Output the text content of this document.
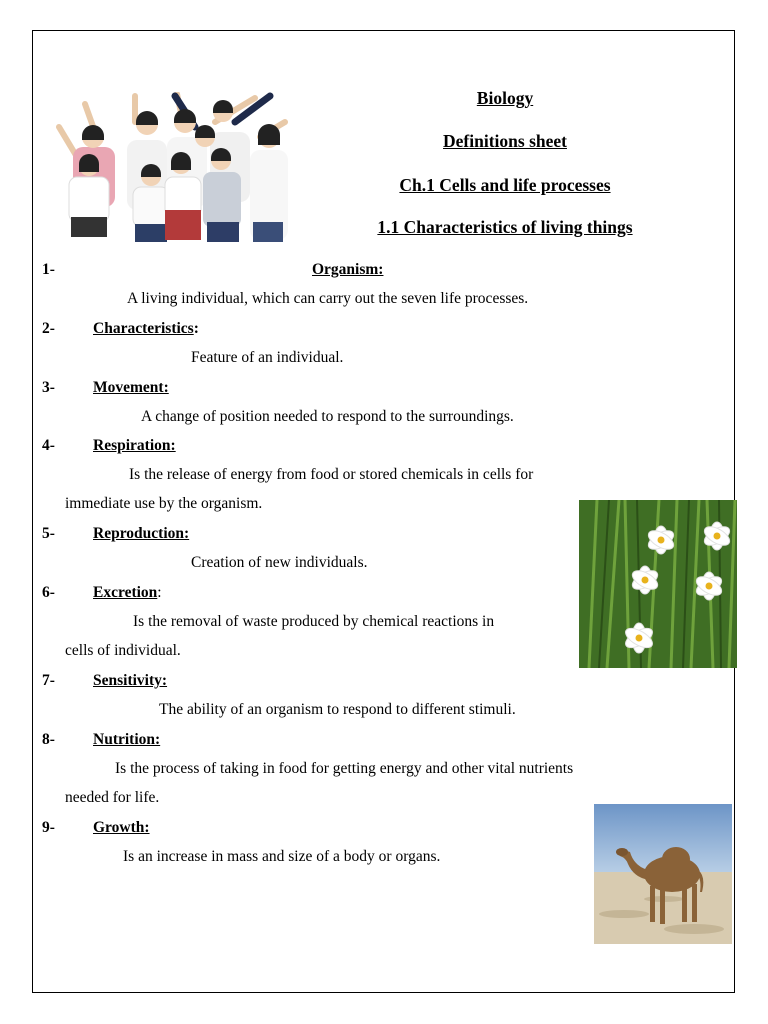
Biology
Definitions sheet
Ch.1 Cells and life processes
1.1 Characteristics of living things
1-	Organism:
A living individual, which can carry out the seven life processes.
2- Characteristics:
Feature of an individual.
3- Movement:
A change of position needed to respond to the surroundings.
4- Respiration:
Is the release of energy from food or stored chemicals in cells for
immediate use by the organism.
5- Reproduction:
Creation of new individuals.
6- Excretion:
Is the removal of waste produced by chemical reactions in
cells of individual.
7- Sensitivity:
The ability of an organism to respond to different stimuli.
8- Nutrition:
Is the process of taking in food for getting energy and other vital nutrients
needed for life.
9- Growth:
Is an increase in mass and size of a body or organs.
